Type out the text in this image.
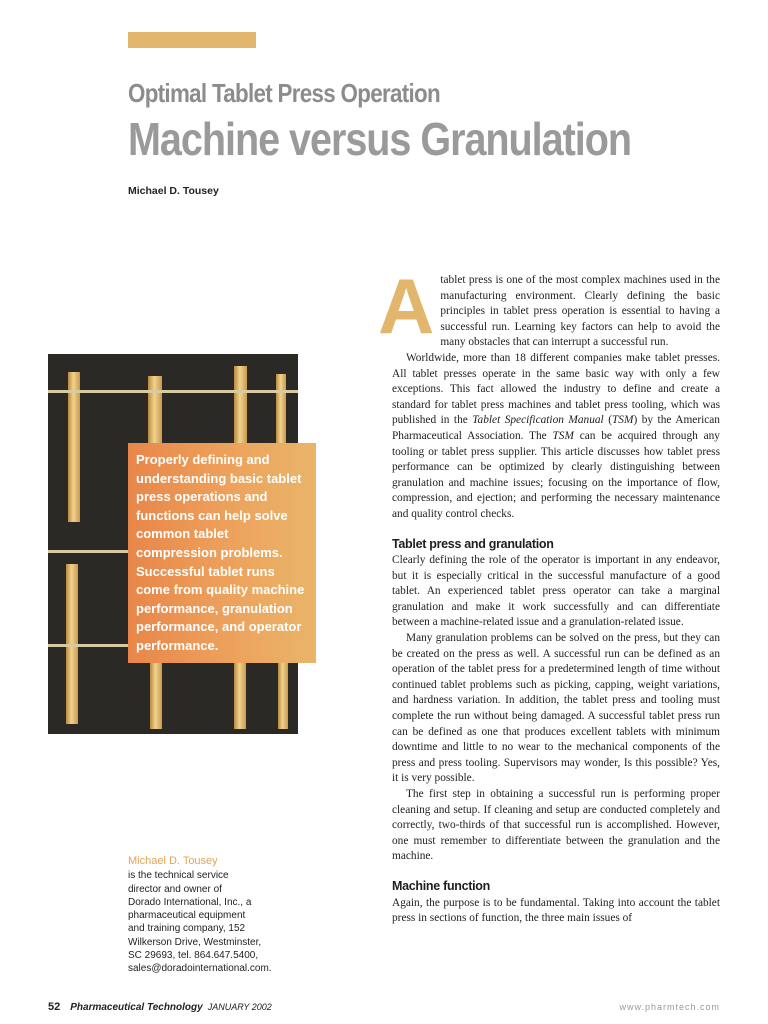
Optimal Tablet Press Operation
Machine versus Granulation
Michael D. Tousey

Properly defining and understanding basic tablet press operations and functions can help solve common tablet compression problems. Successful tablet runs come from quality machine performance, granulation performance, and operator performance.

Michael D. Tousey
is the technical service
director and owner of
Dorado International, Inc., a
pharmaceutical equipment
and training company, 152
Wilkerson Drive, Westminster,
SC 29693, tel. 864.647.5400,
sales@doradointernational.com.

Atablet press is one of the most complex machines used in the manufacturing environment. Clearly defining the basic principles in tablet press operation is essential to having a successful run. Learning key factors can help to avoid the many obstacles that can interrupt a successful run.

Worldwide, more than 18 different companies make tablet presses. All tablet presses operate in the same basic way with only a few exceptions. This fact allowed the industry to define and create a standard for tablet press machines and tablet press tooling, which was published in the Tablet Specification Manual (TSM) by the American Pharmaceutical Association. The TSM can be acquired through any tooling or tablet press supplier. This article discusses how tablet press performance can be optimized by clearly distinguishing between granulation and machine issues; focusing on the importance of flow, compression, and ejection; and performing the necessary maintenance and quality control checks.

Tablet press and granulation

Clearly defining the role of the operator is important in any endeavor, but it is especially critical in the successful manufacture of a good tablet. An experienced tablet press operator can take a marginal granulation and make it work successfully and can differentiate between a machine-related issue and a granulation-related issue.

Many granulation problems can be solved on the press, but they can be created on the press as well. A successful run can be defined as an operation of the tablet press for a predetermined length of time without continued tablet problems such as picking, capping, weight variations, and hardness variation. In addition, the tablet press and tooling must complete the run without being damaged. A successful tablet press run can be defined as one that produces excellent tablets with minimum downtime and little to no wear to the mechanical components of the press and press tooling. Supervisors may wonder, Is this possible? Yes, it is very possible.

The first step in obtaining a successful run is performing proper cleaning and setup. If cleaning and setup are conducted completely and correctly, two-thirds of that successful run is accomplished. However, one must remember to differentiate between the granulation and the machine.

Machine function

Again, the purpose is to be fundamental. Taking into account the tablet press in sections of function, the three main issues of

52 Pharmaceutical Technology JANUARY 2002	www.pharmtech.com
